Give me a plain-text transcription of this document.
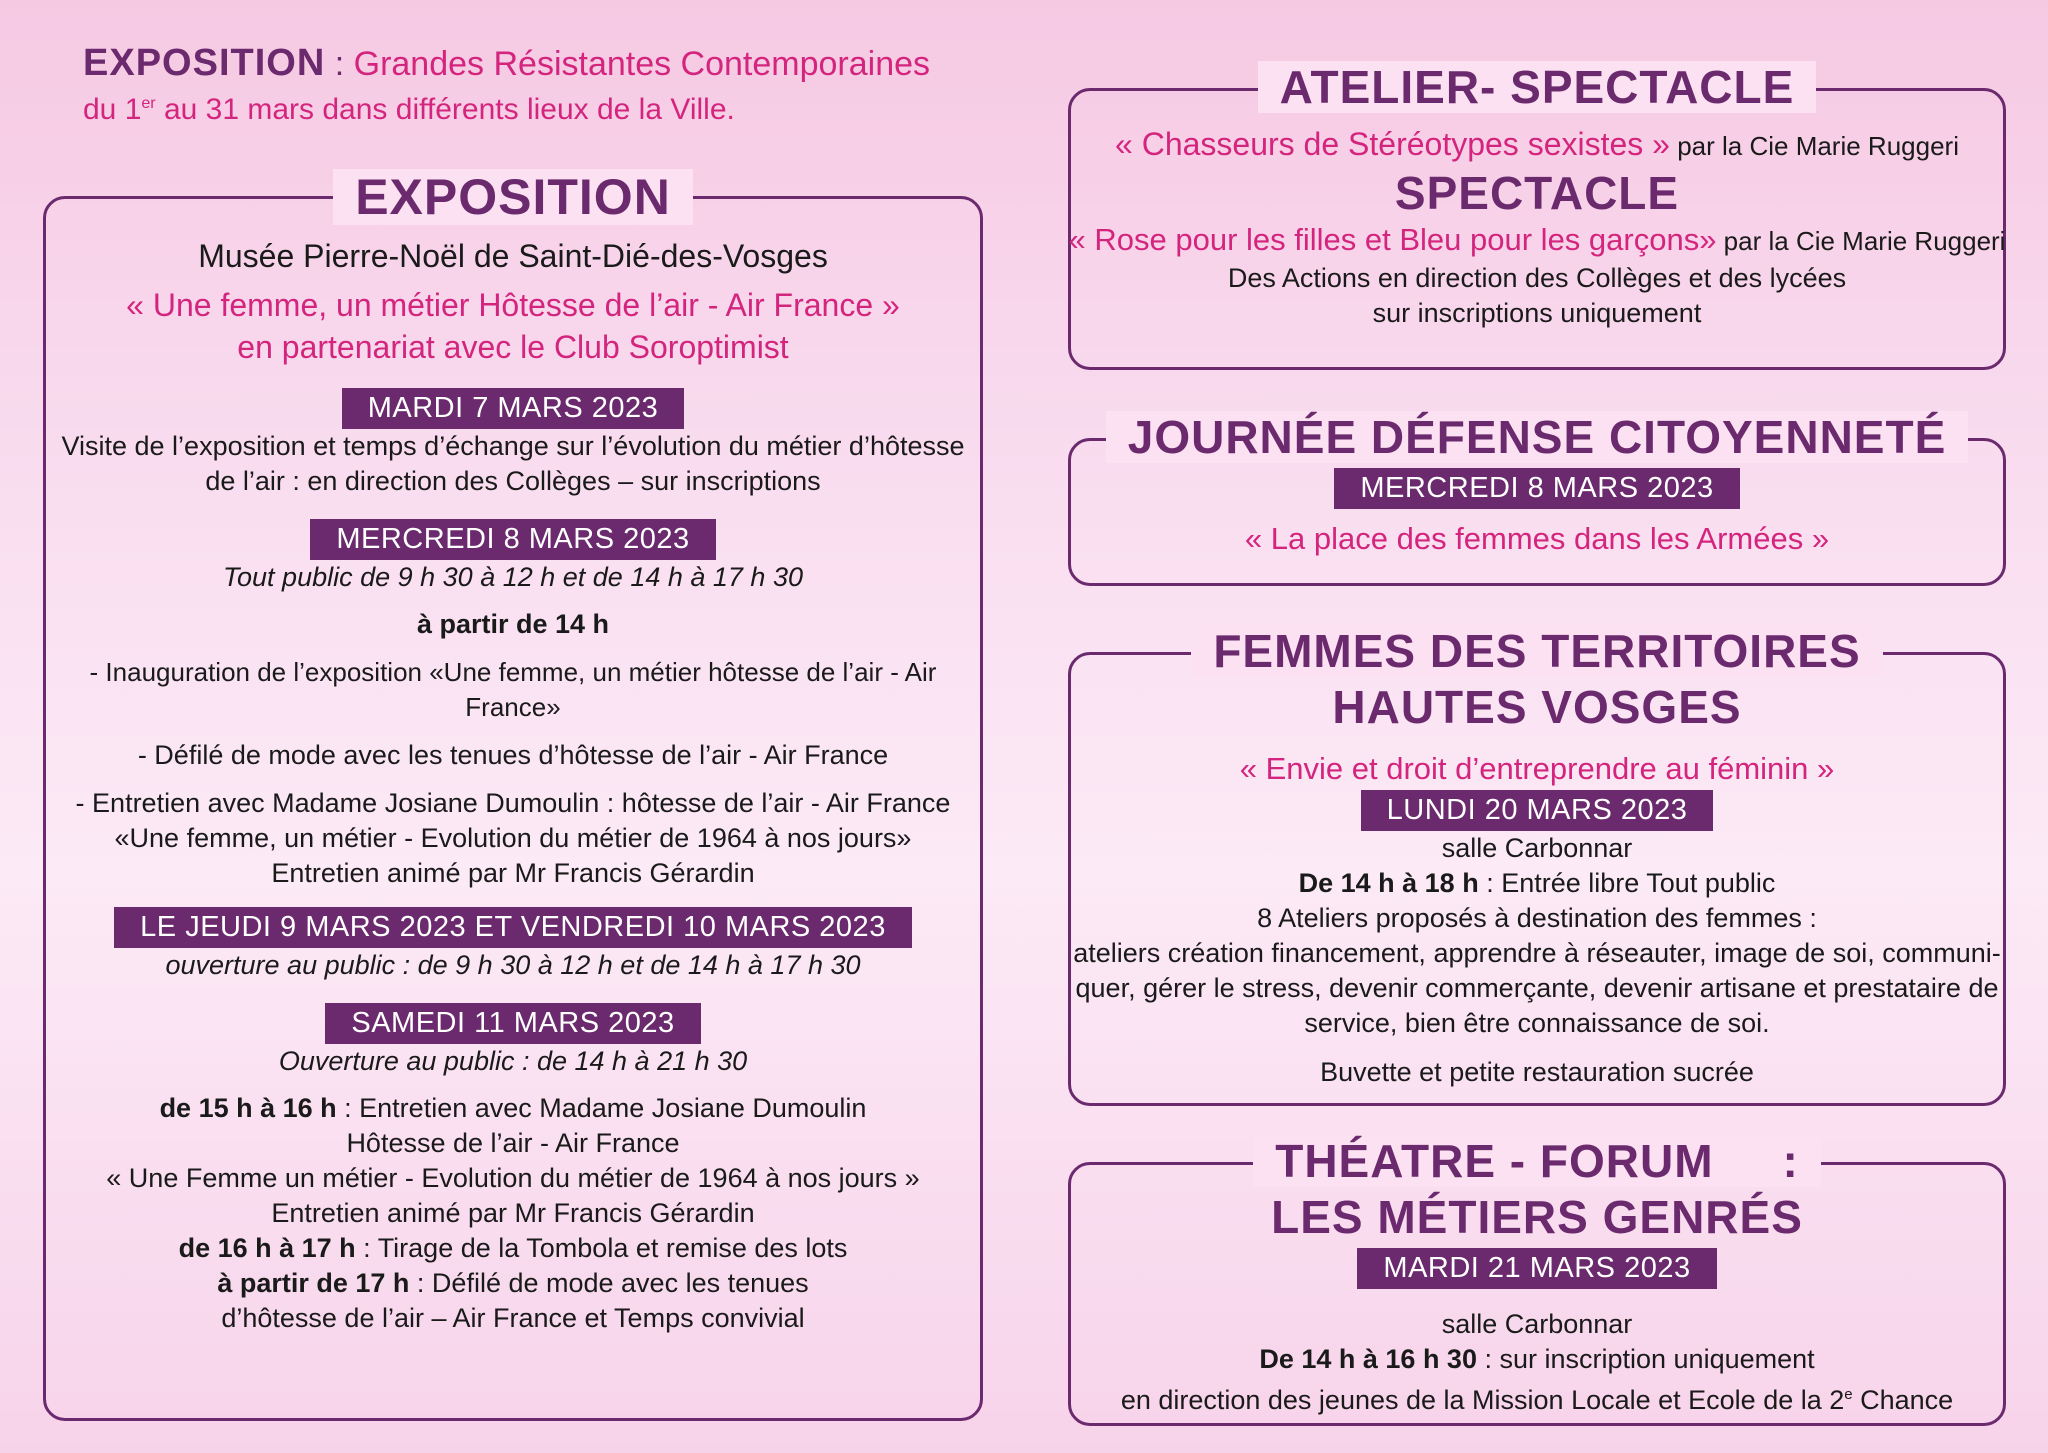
EXPOSITION : Grandes Résistantes Contemporaines
du 1er au 31 mars dans différents lieux de la Ville.
EXPOSITION
Musée Pierre-Noël de Saint-Dié-des-Vosges
« Une femme, un métier Hôtesse de l’air - Air France »
en partenariat avec le Club Soroptimist
MARDI 7 MARS 2023
Visite de l’exposition et temps d’échange sur l’évolution du métier d’hôtesse
de l’air : en direction des Collèges – sur inscriptions
MERCREDI 8 MARS 2023
Tout public de 9 h 30 à 12 h et de 14 h à 17 h 30
à partir de 14 h
- Inauguration de l’exposition «Une femme, un métier hôtesse de l’air - Air France»
- Défilé de mode avec les tenues d’hôtesse de l’air - Air France
- Entretien avec Madame Josiane Dumoulin : hôtesse de l’air - Air France
«Une femme, un métier - Evolution du métier de 1964 à nos jours»
Entretien animé par Mr Francis Gérardin
LE JEUDI 9 MARS 2023 ET VENDREDI 10 MARS 2023
ouverture au public : de 9 h 30 à 12 h et de 14 h à 17 h 30
SAMEDI 11 MARS 2023
Ouverture au public : de 14 h à 21 h 30
de 15 h à 16 h : Entretien avec Madame Josiane Dumoulin
Hôtesse de l’air - Air France
« Une Femme un métier - Evolution du métier de 1964 à nos jours »
Entretien animé par Mr Francis Gérardin
de 16 h à 17 h : Tirage de la Tombola et remise des lots
à partir de 17 h : Défilé de mode avec les tenues
d’hôtesse de l’air – Air France et Temps convivial
ATELIER- SPECTACLE
« Chasseurs de Stéréotypes sexistes » par la Cie Marie Ruggeri
SPECTACLE
« Rose pour les filles et Bleu pour les garçons» par la Cie Marie Ruggeri
Des Actions en direction des Collèges et des lycées
sur inscriptions uniquement
JOURNÉE DÉFENSE CITOYENNETÉ
MERCREDI 8 MARS 2023
« La place des femmes dans les Armées »
FEMMES DES TERRITOIRES
HAUTES VOSGES
« Envie et droit d’entreprendre au féminin »
LUNDI 20 MARS 2023
salle Carbonnar
De 14 h à 18 h : Entrée libre Tout public
8 Ateliers proposés à destination des femmes :
ateliers création financement, apprendre à réseauter, image de soi, communi-
quer, gérer le stress, devenir commerçante, devenir artisane et prestataire de
service, bien être connaissance de soi.
Buvette et petite restauration sucrée
THÉATRE - FORUM     :
LES MÉTIERS GENRÉS
MARDI 21 MARS 2023
salle Carbonnar
De 14 h à 16 h 30 : sur inscription uniquement
en direction des jeunes de la Mission Locale et Ecole de la 2e Chance
